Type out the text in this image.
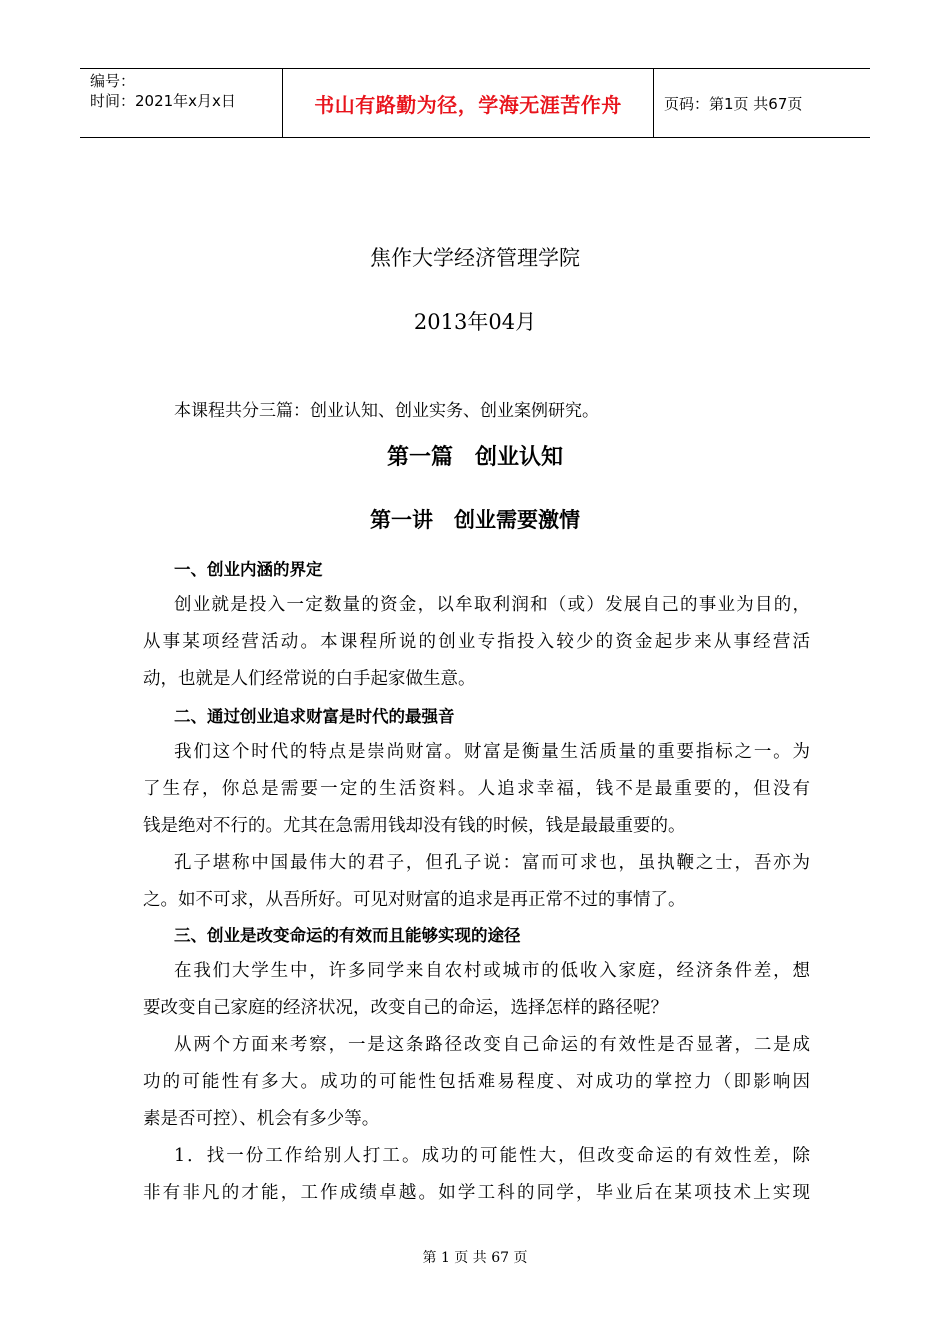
编号：
时间：2021年x月x日	书山有路勤为径，学海无涯苦作舟	页码：第1页 共67页
焦作大学经济管理学院
2013年04月
本课程共分三篇：创业认知、创业实务、创业案例研究。
第一篇　创业认知
第一讲　创业需要激情
一、创业内涵的界定
创业就是投入一定数量的资金，以牟取利润和（或）发展自己的事业为目的，
从事某项经营活动。本课程所说的创业专指投入较少的资金起步来从事经营活
动，也就是人们经常说的白手起家做生意。
二、通过创业追求财富是时代的最强音
我们这个时代的特点是崇尚财富。财富是衡量生活质量的重要指标之一。为
了生存，你总是需要一定的生活资料。人追求幸福，钱不是最重要的，但没有
钱是绝对不行的。尤其在急需用钱却没有钱的时候，钱是最最重要的。
孔子堪称中国最伟大的君子，但孔子说：富而可求也，虽执鞭之士，吾亦为
之。如不可求，从吾所好。可见对财富的追求是再正常不过的事情了。
三、创业是改变命运的有效而且能够实现的途径
在我们大学生中，许多同学来自农村或城市的低收入家庭，经济条件差，想
要改变自己家庭的经济状况，改变自己的命运，选择怎样的路径呢？
从两个方面来考察，一是这条路径改变自己命运的有效性是否显著，二是成
功的可能性有多大。成功的可能性包括难易程度、对成功的掌控力（即影响因
素是否可控）、机会有多少等。
1．找一份工作给别人打工。成功的可能性大，但改变命运的有效性差，除
非有非凡的才能，工作成绩卓越。如学工科的同学，毕业后在某项技术上实现
第 1 页 共 67 页
